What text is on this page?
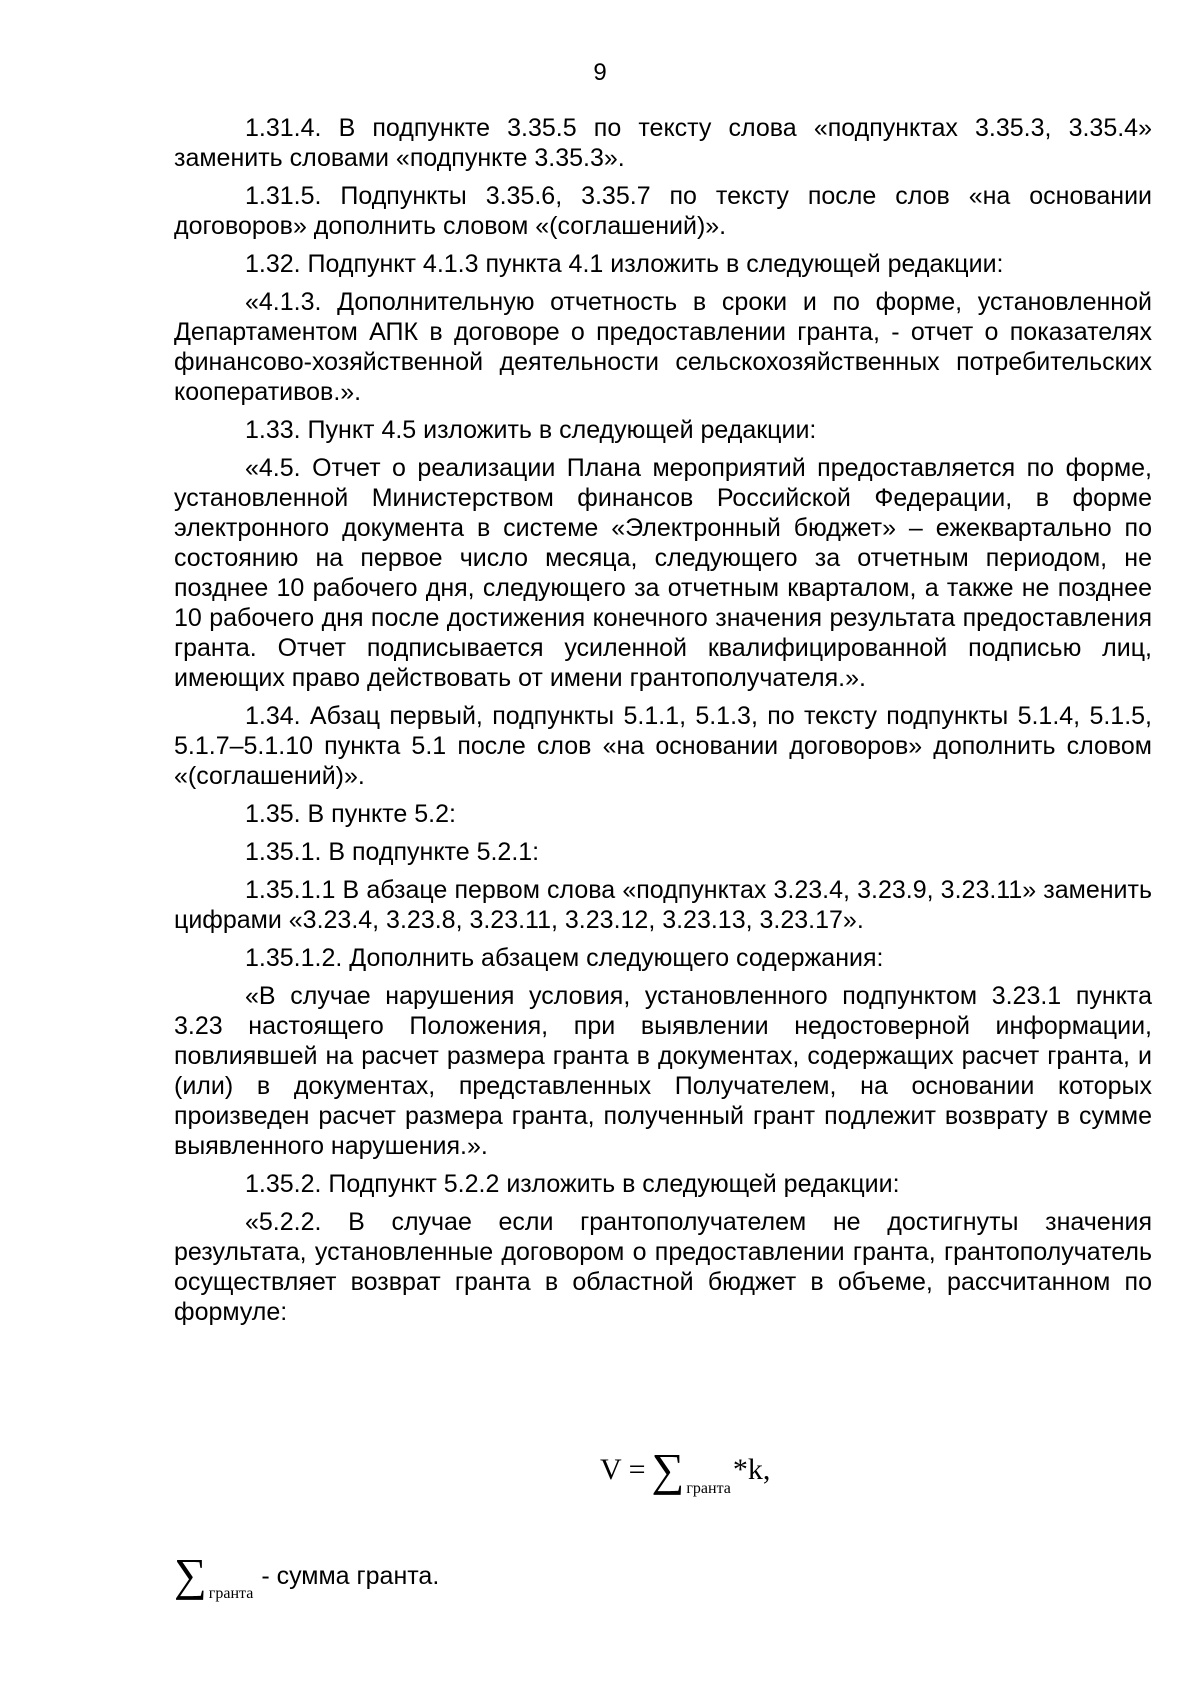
9

1.31.4. В подпункте 3.35.5 по тексту слова «подпунктах 3.35.3, 3.35.4» заменить словами «подпункте 3.35.3».

1.31.5. Подпункты 3.35.6, 3.35.7 по тексту после слов «на основании договоров» дополнить словом «(соглашений)».

1.32. Подпункт 4.1.3 пункта 4.1 изложить в следующей редакции:

«4.1.3. Дополнительную отчетность в сроки и по форме, установленной Департаментом АПК в договоре о предоставлении гранта, - отчет о показателях финансово-хозяйственной деятельности сельскохозяйственных потребительских кооперативов.».

1.33. Пункт 4.5 изложить в следующей редакции:

«4.5. Отчет о реализации Плана мероприятий предоставляется по форме, установленной Министерством финансов Российской Федерации, в форме электронного документа в системе «Электронный бюджет» – ежеквартально по состоянию на первое число месяца, следующего за отчетным периодом, не позднее 10 рабочего дня, следующего за отчетным кварталом, а также не позднее 10 рабочего дня после достижения конечного значения результата предоставления гранта. Отчет подписывается усиленной квалифицированной подписью лиц, имеющих право действовать от имени грантополучателя.».

1.34. Абзац первый, подпункты 5.1.1, 5.1.3, по тексту подпункты 5.1.4, 5.1.5, 5.1.7–5.1.10 пункта 5.1 после слов «на основании договоров» дополнить словом «(соглашений)».

1.35. В пункте 5.2:

1.35.1. В подпункте 5.2.1:

1.35.1.1 В абзаце первом слова «подпунктах 3.23.4, 3.23.9, 3.23.11» заменить цифрами «3.23.4, 3.23.8, 3.23.11, 3.23.12, 3.23.13, 3.23.17».

1.35.1.2. Дополнить абзацем следующего содержания:

«В случае нарушения условия, установленного подпунктом 3.23.1 пункта 3.23 настоящего Положения, при выявлении недостоверной информации, повлиявшей на расчет размера гранта в документах, содержащих расчет гранта, и (или) в документах, представленных Получателем, на основании которых произведен расчет размера гранта, полученный грант подлежит возврату в сумме выявленного нарушения.».

1.35.2. Подпункт 5.2.2 изложить в следующей редакции:

«5.2.2. В случае если грантополучателем не достигнуты значения результата, установленные договором о предоставлении гранта, грантополучатель осуществляет возврат гранта в областной бюджет в объеме, рассчитанном по формуле:

V = ∑ $_{гранта}$*k,
∑ $_{гранта}$- сумма гранта.
